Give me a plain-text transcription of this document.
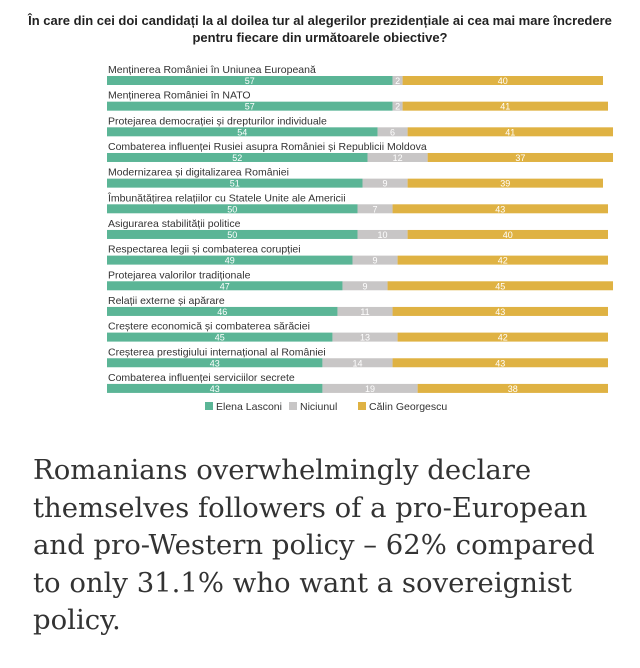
În care din cei doi candidați la al doilea tur al alegerilor prezidențiale ai cea mai mare încredere
pentru fiecare din următoarele obiective?
Menținerea României în Uniunea Europeană
57	2	40
Menținerea României în NATO
57	2	41
Protejarea democrației și drepturilor individuale
54	6	41
Combaterea influenței Rusiei asupra României și Republicii Moldova
52	12	37
Modernizarea și digitalizarea României
51	9	39
Îmbunătățirea relațiilor cu Statele Unite ale Americii
50	7	43
Asigurarea stabilității politice
50	10	40
Respectarea legii și combaterea corupției
49	9	42
Protejarea valorilor tradiționale
47	9	45
Relații externe și apărare
46	11	43
Creștere economică și combaterea sărăciei
45	13	42
Creșterea prestigiului internațional al României
43	14	43
Combaterea influenței serviciilor secrete
43	19	38
Elena Lasconi Niciunul	Călin Georgescu
Romanians overwhelmingly declare themselves followers of a pro-European and pro-Western policy – 62% compared to only 31.1% who want a sovereignist policy.
